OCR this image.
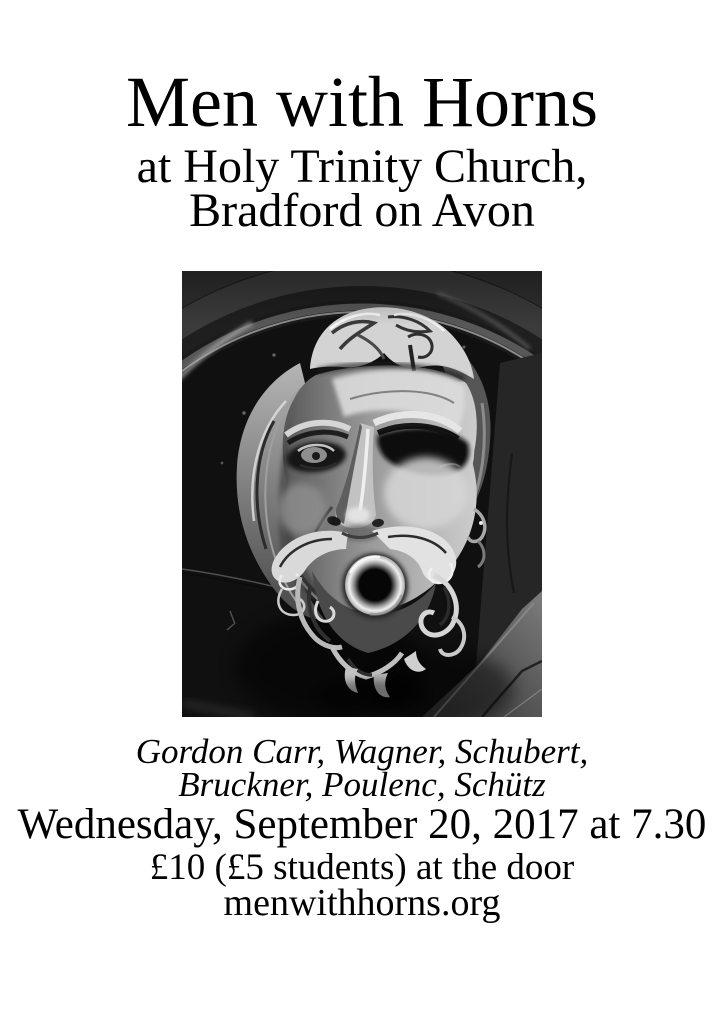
Men with Horns
at Holy Trinity Church,
Bradford on Avon
Gordon Carr, Wagner, Schubert,
Bruckner, Poulenc, Schütz
Wednesday, September 20, 2017 at 7.30
£10 (£5 students) at the door
menwithhorns.org
